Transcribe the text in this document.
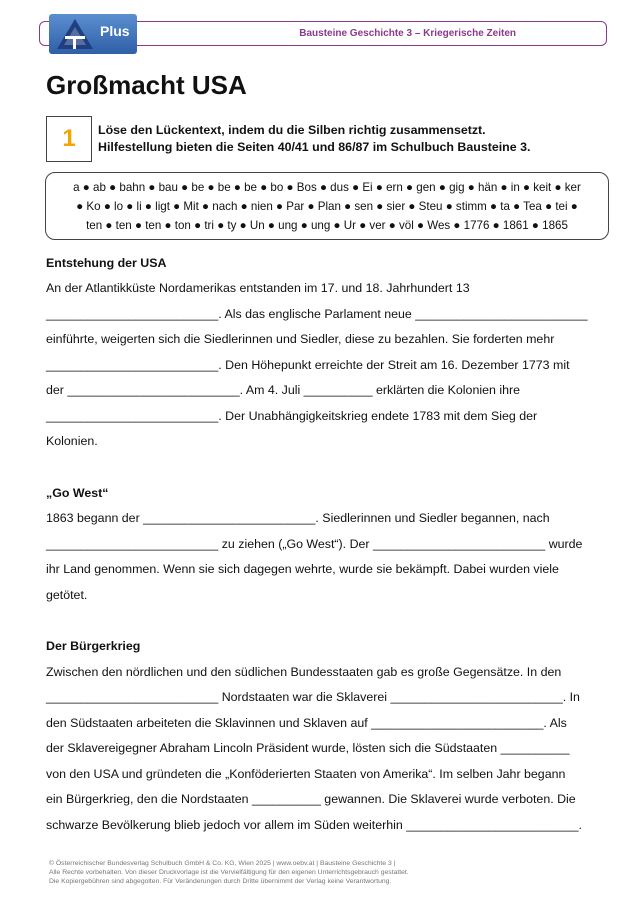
Bausteine Geschichte 3 – Kriegerische Zeiten
Plus
Großmacht USA
1	Löse den Lückentext, indem du die Silben richtig zusammensetzt.
Hilfestellung bieten die Seiten 40/41 und 86/87 im Schulbuch Bausteine 3.
a ● ab ● bahn ● bau ● be ● be ● be ● bo ● Bos ● dus ● Ei ● ern ● gen ● gig ● hän ● in ● keit ● ker
● Ko ● lo ● li ● ligt ● Mit ● nach ● nien ● Par ● Plan ● sen ● sier ● Steu ● stimm ● ta ● Tea ● tei ●
ten ● ten ● ten ● ton ● tri ● ty ● Un ● ung ● ung ● Ur ● ver ● völ ● Wes ● 1776 ● 1861 ● 1865
Entstehung der USA
An der Atlantikküste Nordamerikas entstanden im 17. und 18. Jahrhundert 13
_________________________. Als das englische Parlament neue _________________________
einführte, weigerten sich die Siedlerinnen und Siedler, diese zu bezahlen. Sie forderten mehr
_________________________. Den Höhepunkt erreichte der Streit am 16. Dezember 1773 mit
der _________________________. Am 4. Juli __________ erklärten die Kolonien ihre
_________________________. Der Unabhängigkeitskrieg endete 1783 mit dem Sieg der
Kolonien.
„Go West“
1863 begann der _________________________. Siedlerinnen und Siedler begannen, nach
_________________________ zu ziehen („Go West“). Der _________________________ wurde
ihr Land genommen. Wenn sie sich dagegen wehrte, wurde sie bekämpft. Dabei wurden viele
getötet.
Der Bürgerkrieg
Zwischen den nördlichen und den südlichen Bundesstaaten gab es große Gegensätze. In den
_________________________ Nordstaaten war die Sklaverei _________________________. In
den Südstaaten arbeiteten die Sklavinnen und Sklaven auf _________________________. Als
der Sklavereigegner Abraham Lincoln Präsident wurde, lösten sich die Südstaaten __________
von den USA und gründeten die „Konföderierten Staaten von Amerika“. Im selben Jahr begann
ein Bürgerkrieg, den die Nordstaaten __________ gewannen. Die Sklaverei wurde verboten. Die
schwarze Bevölkerung blieb jedoch vor allem im Süden weiterhin _________________________.
© Österreichischer Bundesverlag Schulbuch GmbH & Co. KG, Wien 2025 | www.oebv.at | Bausteine Geschichte 3 |
Alle Rechte vorbehalten. Von dieser Druckvorlage ist die Vervielfältigung für den eigenen Unterrichtsgebrauch gestattet.
Die Kopiergebühren sind abgegolten. Für Veränderungen durch Dritte übernimmt der Verlag keine Verantwortung.
